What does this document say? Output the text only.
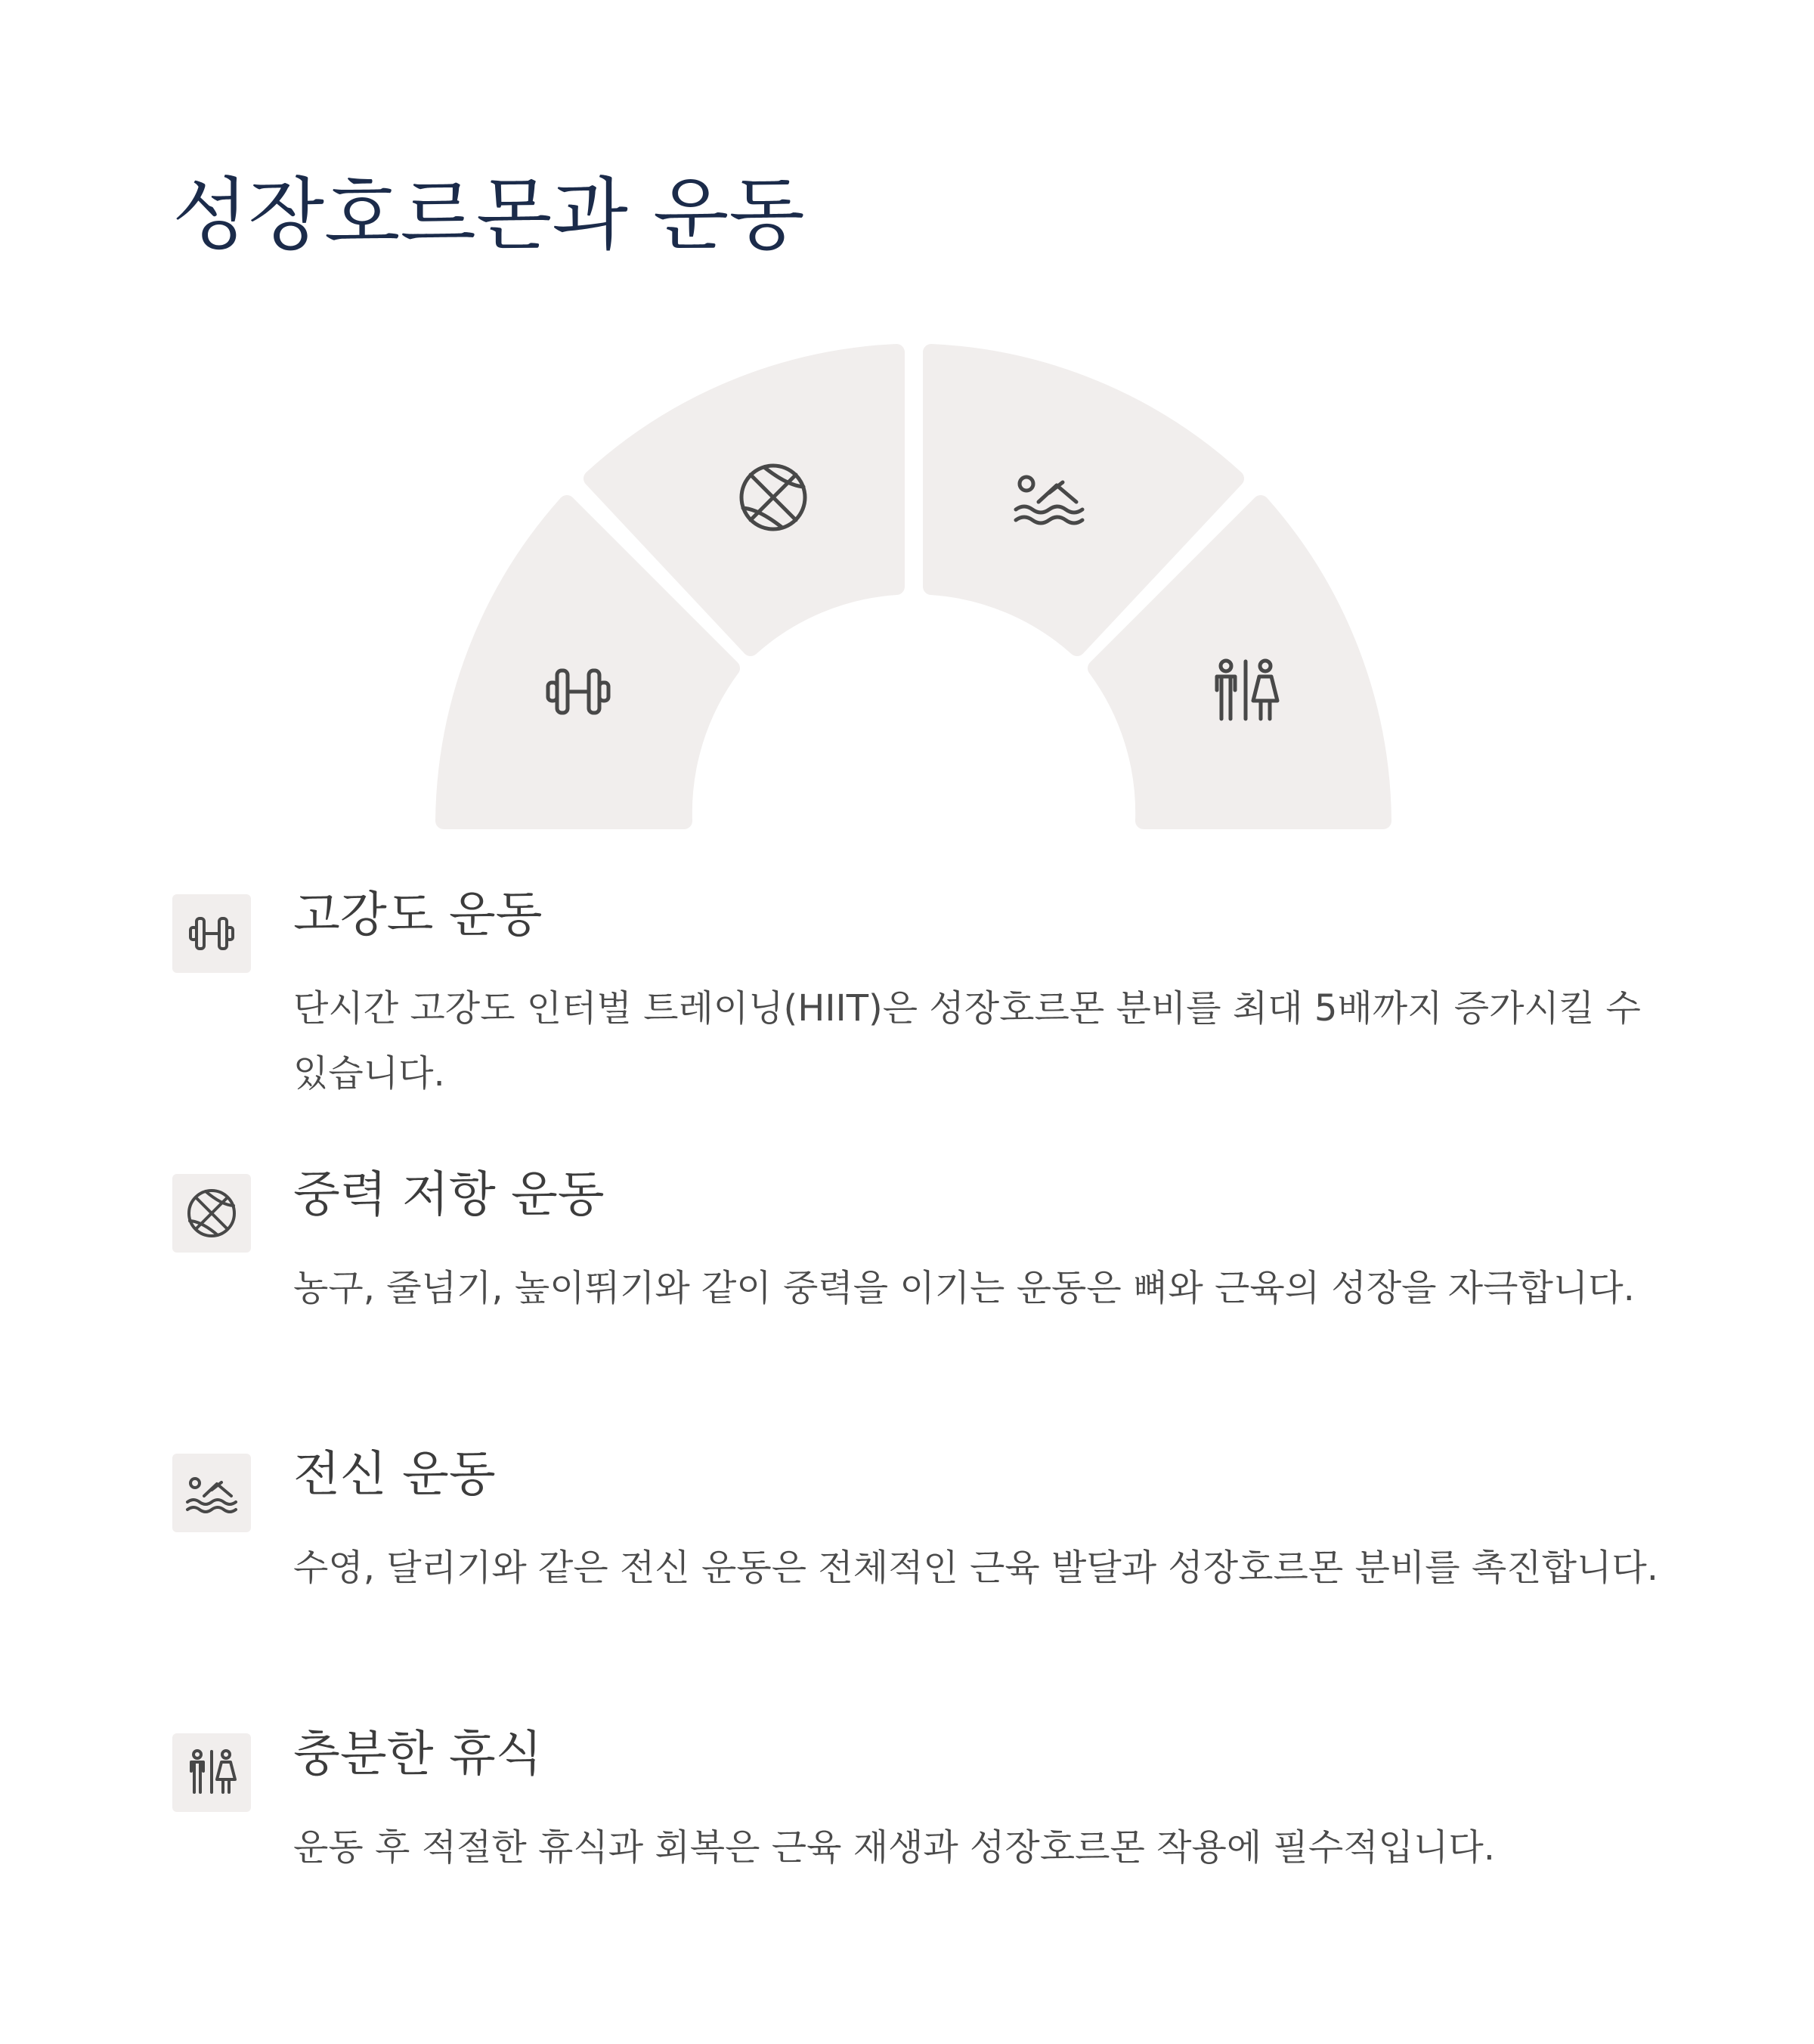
성장호르몬과 운동
고강도 운동

단시간 고강도 인터벌 트레이닝(HIIT)은 성장호르몬 분비를 최대 5배까지 증가시킬 수 있습니다.

중력 저항 운동

농구, 줄넘기, 높이뛰기와 같이 중력을 이기는 운동은 뼈와 근육의 성장을 자극합니다.

전신 운동

수영, 달리기와 같은 전신 운동은 전체적인 근육 발달과 성장호르몬 분비를 촉진합니다.

충분한 휴식

운동 후 적절한 휴식과 회복은 근육 재생과 성장호르몬 작용에 필수적입니다.
